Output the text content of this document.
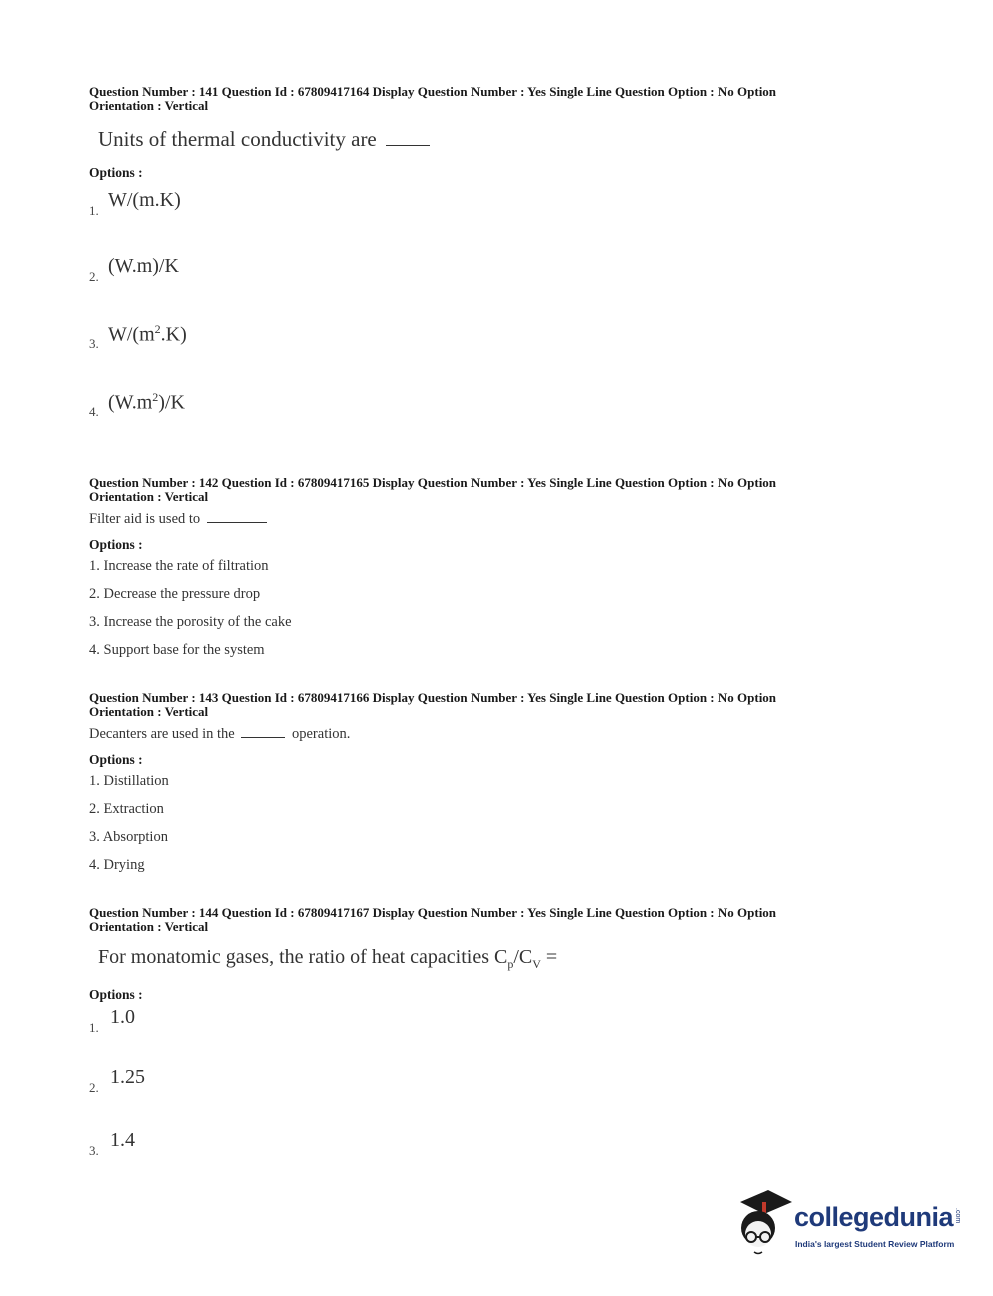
Question Number : 141 Question Id : 67809417164 Display Question Number : Yes Single Line Question Option : No Option
Orientation : Vertical
Units of thermal conductivity are
Options :
1. W/(m.K)
2. (W.m)/K
3. $W/(m^2.K)$
4. $(W.m^2)/K$
Question Number : 142 Question Id : 67809417165 Display Question Number : Yes Single Line Question Option : No Option
Orientation : Vertical
Filter aid is used to
Options :
1. Increase the rate of filtration
2. Decrease the pressure drop
3. Increase the porosity of the cake
4. Support base for the system
Question Number : 143 Question Id : 67809417166 Display Question Number : Yes Single Line Question Option : No Option
Orientation : Vertical
Decanters are used in the	operation.
Options :
1. Distillation
2. Extraction
3. Absorption
4. Drying
Question Number : 144 Question Id : 67809417167 Display Question Number : Yes Single Line Question Option : No Option
Orientation : Vertical
For monatomic gases, the ratio of heat capacities $C_p/C_V$ =
Options :
1. 1.0
2. 1.25
3. 1.4
collegedunia .com
India's largest Student Review Platform
